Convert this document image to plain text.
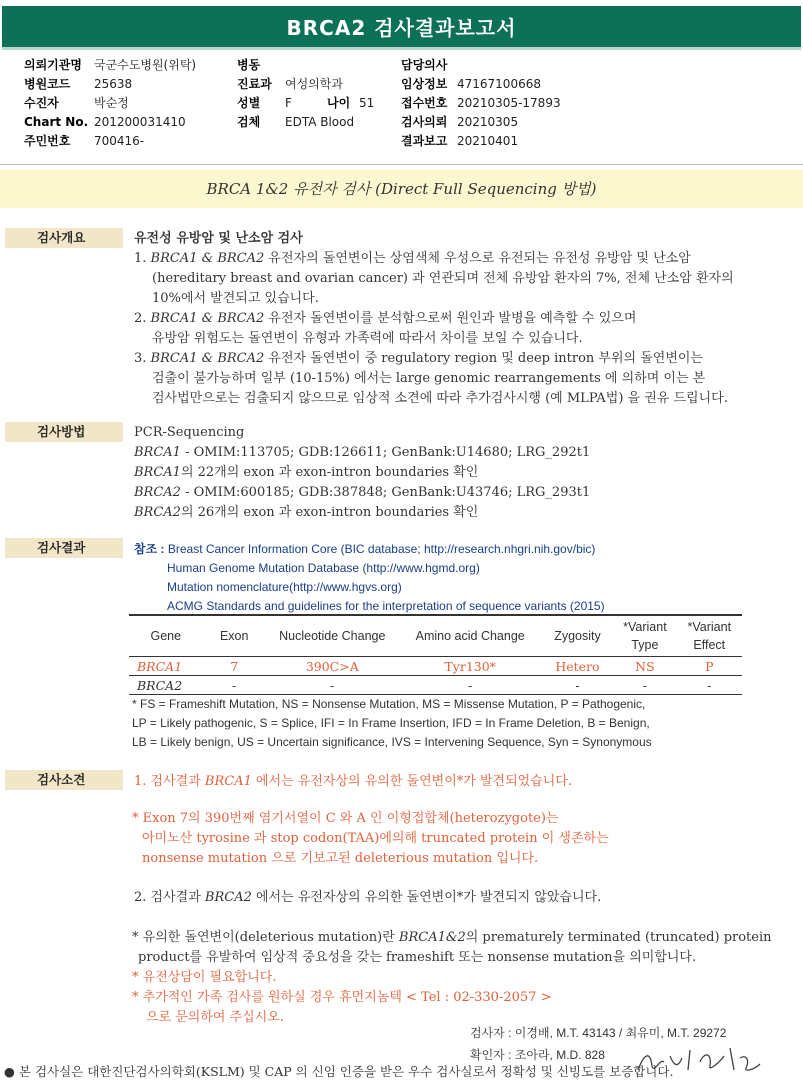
BRCA2 검사결과보고서
의뢰기관명 국군수도병원(위탁)
병원코드 25638
수진자	박순정
Chart No. 201200031410
주민번호 700416-
병동
진료과 여성의학과
성별 F	나이 51
검체 EDTA Blood
담당의사
임상정보 47167100668
접수번호 20210305-17893
검사의뢰 20210305
결과보고 20210401
BRCA 1&2 유전자 검사 (Direct Full Sequencing 방법)
검사개요	유전성 유방암 및 난소암 검사
1. BRCA1 & BRCA2 유전자의 돌연변이는 상염색체 우성으로 유전되는 유전성 유방암 및 난소암
(hereditary breast and ovarian cancer) 과 연관되며 전체 유방암 환자의 7%, 전체 난소암 환자의
10%에서 발견되고 있습니다.
2. BRCA1 & BRCA2 유전자 돌연변이를 분석함으로써 원인과 발병을 예측할 수 있으며
유방암 위험도는 돌연변이 유형과 가족력에 따라서 차이를 보일 수 있습니다.
3. BRCA1 & BRCA2 유전자 돌연변이 중 regulatory region 및 deep intron 부위의 돌연변이는
검출이 불가능하며 일부 (10-15%) 에서는 large genomic rearrangements 에 의하며 이는 본
검사법만으로는 검출되지 않으므로 임상적 소견에 따라 추가검사시행 (예 MLPA법) 을 권유 드립니다.
검사방법	PCR-Sequencing
BRCA1 - OMIM:113705; GDB:126611; GenBank:U14680; LRG_292t1
BRCA1의 22개의 exon 과 exon-intron boundaries 확인
BRCA2 - OMIM:600185; GDB:387848; GenBank:U43746; LRG_293t1
BRCA2의 26개의 exon 과 exon-intron boundaries 확인
검사결과	참조 : Breast Cancer Information Core (BIC database; http://research.nhgri.nih.gov/bic)
Human Genome Mutation Database (http://www.hgmd.org)
Mutation nomenclature(http://www.hgvs.org)
ACMG Standards and guidelines for the interpretation of sequence variants (2015)
Gene	Exon	Nucleotide Change	Amino acid Change	Zygosity	*Variant Type	*Variant Effect
BRCA1	7	390C>A	Tyr130*	Hetero	NS	P
BRCA2	-	-	-	-	-	-
* FS = Frameshift Mutation, NS = Nonsense Mutation, MS = Missense Mutation, P = Pathogenic,
LP = Likely pathogenic, S = Splice, IFI = In Frame Insertion, IFD = In Frame Deletion, B = Benign,
LB = Likely benign, US = Uncertain significance, IVS = Intervening Sequence, Syn = Synonymous
검사소견	1. 검사결과 BRCA1 에서는 유전자상의 유의한 돌연변이*가 발견되었습니다.
* Exon 7의 390번째 염기서열이 C 와 A 인 이형접합체(heterozygote)는
아미노산 tyrosine 과 stop codon(TAA)에의해 truncated protein 이 생존하는
nonsense mutation 으로 기보고된 deleterious mutation 입니다.
2. 검사결과 BRCA2 에서는 유전자상의 유의한 돌연변이*가 발견되지 않았습니다.
* 유의한 돌연변이(deleterious mutation)란 BRCA1&2의 prematurely terminated (truncated) protein
product를 유발하여 임상적 중요성을 갖는 frameshift 또는 nonsense mutation을 의미합니다.
* 유전상담이 필요합니다.
* 추가적인 가족 검사를 원하실 경우 휴먼지놈텍 < Tel : 02-330-2057 >
으로 문의하여 주십시오.
검사자 : 이경배, M.T. 43143 / 최유미, M.T. 29272
확인자 : 조아라, M.D. 828
● 본 검사실은 대한진단검사의학회(KSLM) 및 CAP 의 신임 인증을 받은 우수 검사실로서 정확성 및 신빙도를 보증합니다.
